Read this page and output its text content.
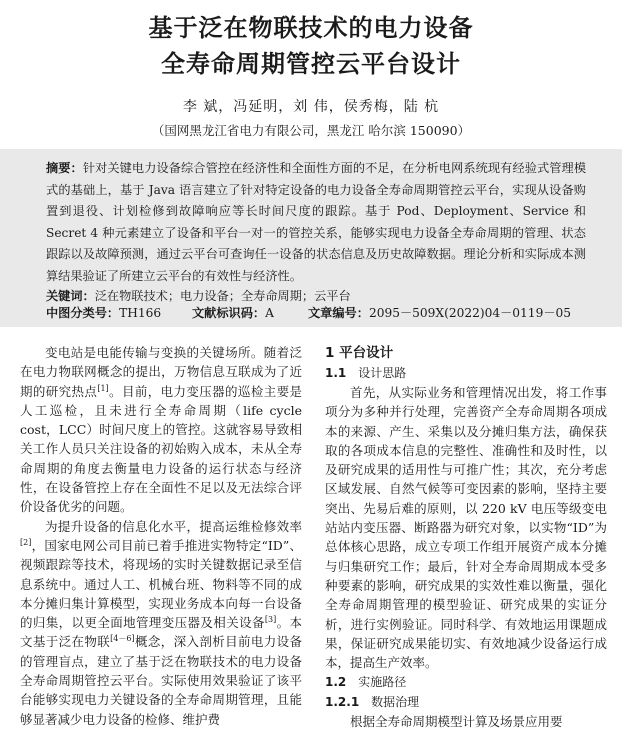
基于泛在物联技术的电力设备
全寿命周期管控云平台设计
李 斌，冯延明，刘 伟，侯秀梅，陆 杭
（国网黑龙江省电力有限公司，黑龙江 哈尔滨 150090）
摘要：针对关键电力设备综合管控在经济性和全面性方面的不足，在分析电网系统现有经验式管理模式的基础上，基于 Java 语言建立了针对特定设备的电力设备全寿命周期管控云平台，实现从设备购置到退役、计划检修到故障响应等长时间尺度的跟踪。基于 Pod、Deployment、Service 和 Secret 4 种元素建立了设备和平台一对一的管控关系，能够实现电力设备全寿命周期的管理、状态跟踪以及故障预测，通过云平台可查询任一设备的状态信息及历史故障数据。理论分析和实际成本测算结果验证了所建立云平台的有效性与经济性。
关键词：泛在物联技术；电力设备；全寿命周期；云平台
中图分类号：TH166	文献标识码：A	文章编号：2095－509X(2022)04－0119－05

变电站是电能传输与变换的关键场所。随着泛在电力物联网概念的提出，万物信息互联成为了近期的研究热点[1]。目前，电力变压器的巡检主要是人工巡检，且未进行全寿命周期（life cycle cost，LCC）时间尺度上的管控。这就容易导致相关工作人员只关注设备的初始购入成本，未从全寿命周期的角度去衡量电力设备的运行状态与经济性，在设备管控上存在全面性不足以及无法综合评价设备优劣的问题。

为提升设备的信息化水平，提高运维检修效率[2]，国家电网公司目前已着手推进实物特定“ID”、视频跟踪等技术，将现场的实时关键数据记录至信息系统中。通过人工、机械台班、物料等不同的成本分摊归集计算模型，实现业务成本向每一台设备的归集，以更全面地管理变压器及相关设备[3]。本文基于泛在物联[4－6]概念，深入剖析目前电力设备的管理盲点，建立了基于泛在物联技术的电力设备全寿命周期管控云平台。实际使用效果验证了该平台能够实现电力关键设备的全寿命周期管理，且能够显著减少电力设备的检修、维护费

1 平台设计
1.1 设计思路

首先，从实际业务和管理情况出发，将工作事项分为多种并行处理，完善资产全寿命周期各项成本的来源、产生、采集以及分摊归集方法，确保获取的各项成本信息的完整性、准确性和及时性，以及研究成果的适用性与可推广性；其次，充分考虑区域发展、自然气候等可变因素的影响，坚持主要突出、先易后难的原则，以 220 kV 电压等级变电站站内变压器、断路器为研究对象，以实物“ID”为总体核心思路，成立专项工作组开展资产成本分摊与归集研究工作；最后，针对全寿命周期成本受多种要素的影响，研究成果的实效性难以衡量，强化全寿命周期管理的模型验证、研究成果的实证分析，进行实例验证。同时科学、有效地运用课题成果，保证研究成果能切实、有效地减少设备运行成本，提高生产效率。

1.2 实施路径
1.2.1 数据治理

根据全寿命周期模型计算及场景应用要
